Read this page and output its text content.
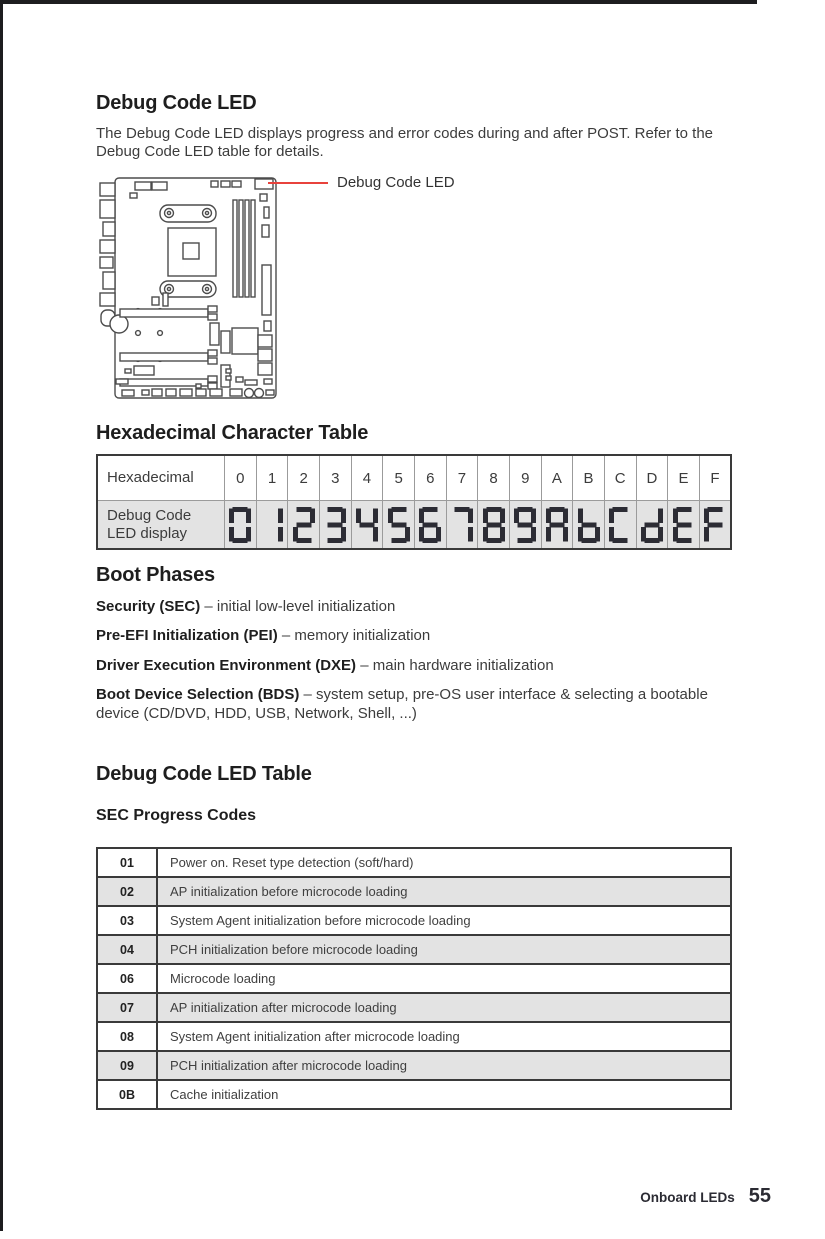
Debug Code LED

The Debug Code LED displays progress and error codes during and after POST. Refer to the Debug Code LED table for details.

Debug Code LED
Hexadecimal Character Table
Hexadecimal	0	1	2	3	4	5	6	7	8	9	A	B	C	D	E	F
Debug Code LED display	

Boot Phases
Security (SEC) – initial low-level initialization
Pre-EFI Initialization (PEI) – memory initialization
Driver Execution Environment (DXE) – main hardware initialization
Boot Device Selection (BDS) – system setup, pre-OS user interface & selecting a bootable device (CD/DVD, HDD, USB, Network, Shell, ...)
Debug Code LED Table
SEC Progress Codes
01	Power on. Reset type detection (soft/hard)
02	AP initialization before microcode loading
03	System Agent initialization before microcode loading
04	PCH initialization before microcode loading
06	Microcode loading
07	AP initialization after microcode loading
08	System Agent initialization after microcode loading
09	PCH initialization after microcode loading
0B	Cache initialization
Onboard LEDs 55
